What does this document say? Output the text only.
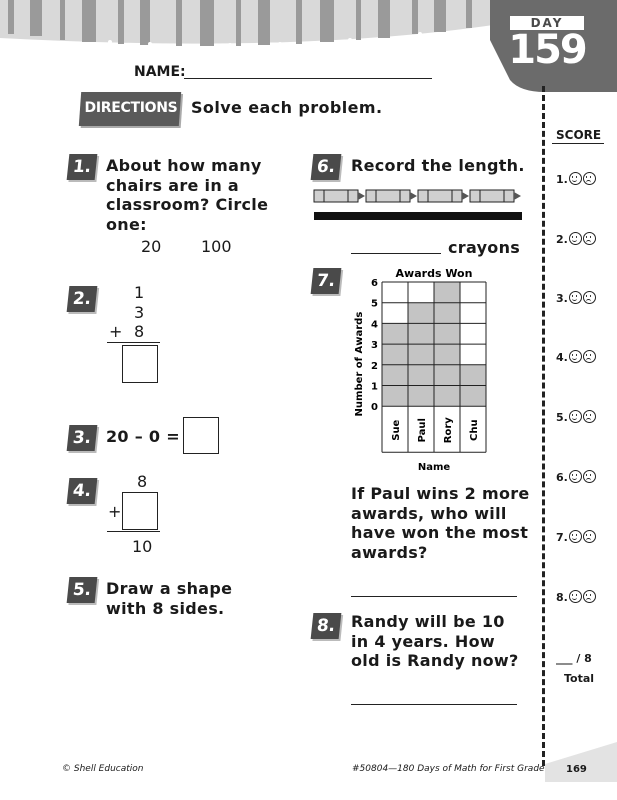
DAY
159
NAME:
DIRECTIONS Solve each problem.
1. About how many
chairs are in a
classroom? Circle
one:
20 100
2.	1
3
+ 8
3. 20 – 0 =
4.	8
+
10
5. Draw a shape
with 8 sides.
6. Record the length.
crayons
7.	Awards Won
0
1
2
3
4
5
6
Sue Paul Rory Chu
Name
Number of Awards
If Paul wins 2 more
awards, who will
have won the most
awards?
8. Randy will be 10
in 4 years. How
old is Randy now?
SCORE
1.
2.
3.
4.
5.
6.
7.
8.
___ / 8
Total
© Shell Education	#50804—180 Days of Math for First Grade 169
